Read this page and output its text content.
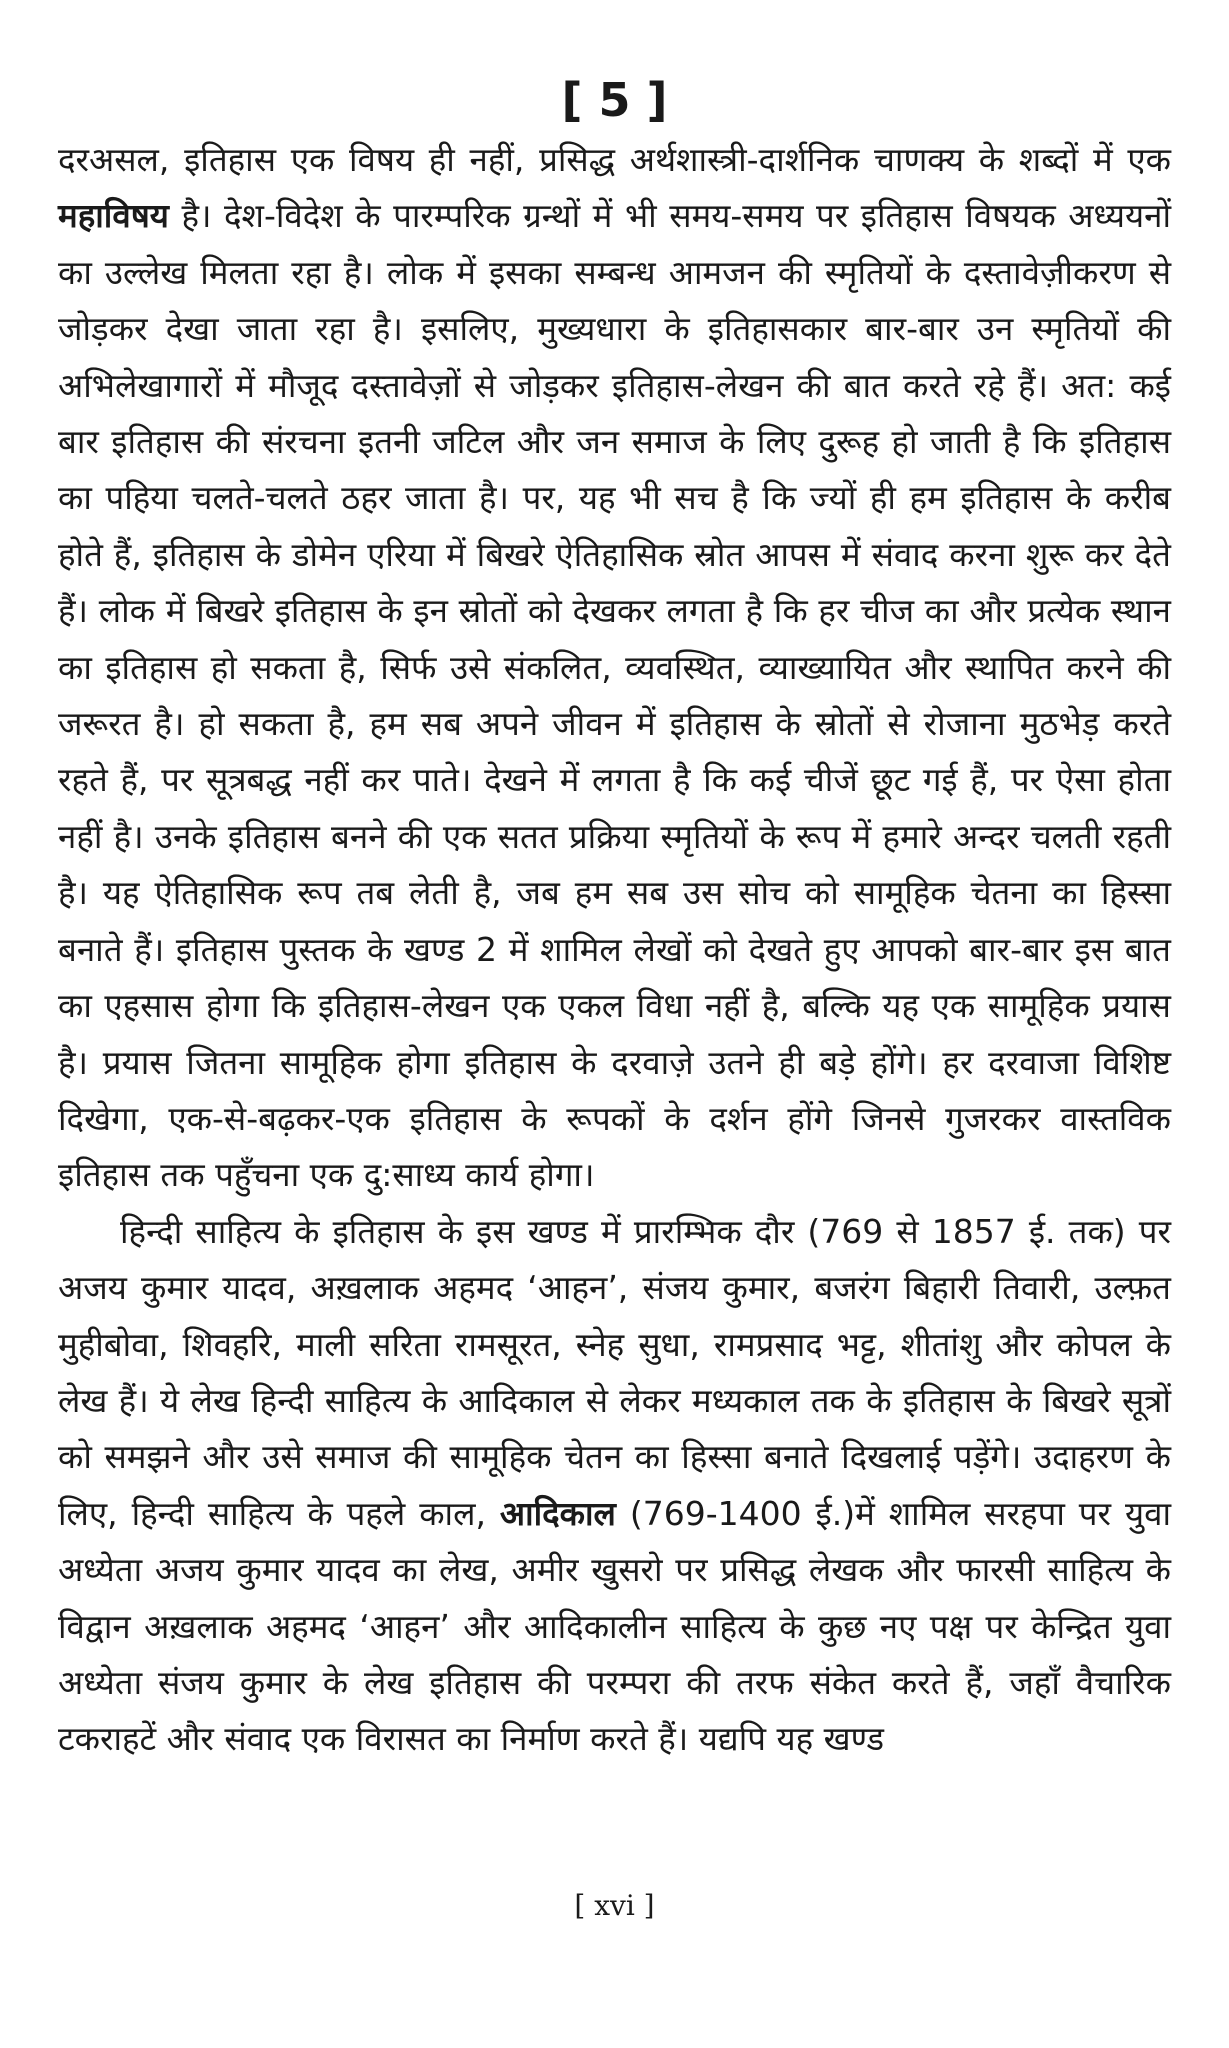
[ 5 ]

दरअसल, इतिहास एक विषय ही नहीं, प्रसिद्ध अर्थशास्त्री-दार्शनिक चाणक्य के शब्दों में एक महाविषय है। देश-विदेश के पारम्परिक ग्रन्थों में भी समय-समय पर इतिहास विषयक अध्ययनों का उल्लेख मिलता रहा है। लोक में इसका सम्बन्ध आमजन की स्मृतियों के दस्तावेज़ीकरण से जोड़कर देखा जाता रहा है। इसलिए, मुख्यधारा के इतिहासकार बार-बार उन स्मृतियों की अभिलेखागारों में मौजूद दस्तावेज़ों से जोड़कर इतिहास-लेखन की बात करते रहे हैं। अत: कई बार इतिहास की संरचना इतनी जटिल और जन समाज के लिए दुरूह हो जाती है कि इतिहास का पहिया चलते-चलते ठहर जाता है। पर, यह भी सच है कि ज्यों ही हम इतिहास के करीब होते हैं, इतिहास के डोमेन एरिया में बिखरे ऐतिहासिक स्रोत आपस में संवाद करना शुरू कर देते हैं। लोक में बिखरे इतिहास के इन स्रोतों को देखकर लगता है कि हर चीज का और प्रत्येक स्थान का इतिहास हो सकता है, सिर्फ उसे संकलित, व्यवस्थित, व्याख्यायित और स्थापित करने की जरूरत है। हो सकता है, हम सब अपने जीवन में इतिहास के स्रोतों से रोजाना मुठभेड़ करते रहते हैं, पर सूत्रबद्ध नहीं कर पाते। देखने में लगता है कि कई चीजें छूट गई हैं, पर ऐसा होता नहीं है। उनके इतिहास बनने की एक सतत प्रक्रिया स्मृतियों के रूप में हमारे अन्दर चलती रहती है। यह ऐतिहासिक रूप तब लेती है, जब हम सब उस सोच को सामूहिक चेतना का हिस्सा बनाते हैं। इतिहास पुस्तक के खण्ड 2 में शामिल लेखों को देखते हुए आपको बार-बार इस बात का एहसास होगा कि इतिहास-लेखन एक एकल विधा नहीं है, बल्कि यह एक सामूहिक प्रयास है। प्रयास जितना सामूहिक होगा इतिहास के दरवाज़े उतने ही बड़े होंगे। हर दरवाजा विशिष्ट दिखेगा, एक-से-बढ़कर-एक इतिहास के रूपकों के दर्शन होंगे जिनसे गुजरकर वास्तविक इतिहास तक पहुँचना एक दु:साध्य कार्य होगा।

हिन्दी साहित्य के इतिहास के इस खण्ड में प्रारम्भिक दौर (769 से 1857 ई. तक) पर अजय कुमार यादव, अख़लाक अहमद ‘आहन’, संजय कुमार, बजरंग बिहारी तिवारी, उल्फ़त मुहीबोवा, शिवहरि, माली सरिता रामसूरत, स्नेह सुधा, रामप्रसाद भट्ट, शीतांशु और कोपल के लेख हैं। ये लेख हिन्दी साहित्य के आदिकाल से लेकर मध्यकाल तक के इतिहास के बिखरे सूत्रों को समझने और उसे समाज की सामूहिक चेतन का हिस्सा बनाते दिखलाई पड़ेंगे। उदाहरण के लिए, हिन्दी साहित्य के पहले काल, आदिकाल (769-1400 ई.)में शामिल सरहपा पर युवा अध्येता अजय कुमार यादव का लेख, अमीर खुसरो पर प्रसिद्ध लेखक और फारसी साहित्य के विद्वान अख़लाक अहमद ‘आहन’ और आदिकालीन साहित्य के कुछ नए पक्ष पर केन्द्रित युवा अध्येता संजय कुमार के लेख इतिहास की परम्परा की तरफ संकेत करते हैं, जहाँ वैचारिक टकराहटें और संवाद एक विरासत का निर्माण करते हैं। यद्यपि यह खण्ड

[ xvi ]
